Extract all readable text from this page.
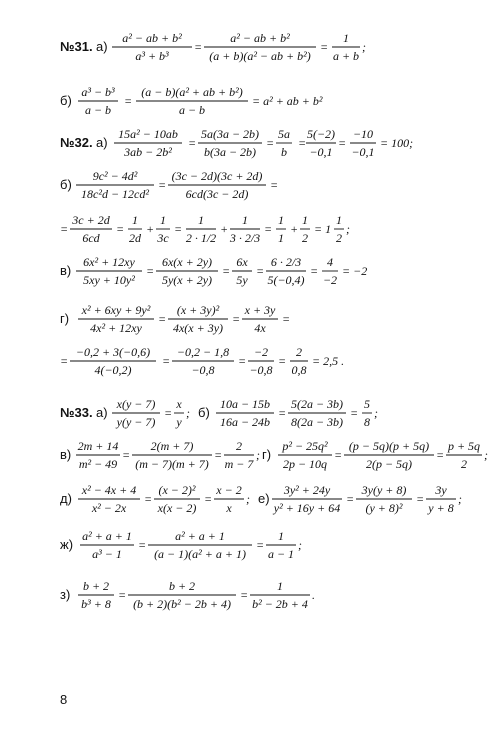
№31. а)
a² − ab + b²
a³ + b³
=
a² − ab + b²
(a + b)(a² − ab + b²)
=
1
a + b
;
б)
a³ − b³
a − b
=
(a − b)(a² + ab + b²)
a − b
= a² + ab + b²
№32. а)
15a² − 10ab
3ab − 2b²
=
5a(3a − 2b)
b(3a − 2b)
=
5a
b
=
5(−2)
−0,1
=
−10
−0,1
= 100;
б)
9c² − 4d²
18c²d − 12cd²
=
(3c − 2d)(3c + 2d)
6cd(3c − 2d)
=
=
3c + 2d
6cd
=
1
2d
+
1
3c
=
1
2 · 1/2
+
1
3 · 2/3
=
1
1
+
1
2
= 1
1
2
;
в)
6x² + 12xy
5xy + 10y²
=
6x(x + 2y)
5y(x + 2y)
=
6x
5y
=
6 · 2/3
5(−0,4)
=
4
−2
= −2
г)
x² + 6xy + 9y²
4x² + 12xy
=
(x + 3y)²
4x(x + 3y)
=
x + 3y
4x
=
=
−0,2 + 3(−0,6)
4(−0,2)
=
−0,2 − 1,8
−0,8
=
−2
−0,8
=
2
0,8
= 2,5 .
№33. а)
x(y − 7)
y(y − 7)
=
x
y
; б)
10a − 15b
16a − 24b
=
5(2a − 3b)
8(2a − 3b)
=
5
8
;
в)
2m + 14
m² − 49
=
2(m + 7)
(m − 7)(m + 7)
=
2
m − 7
; г)
p² − 25q²
2p − 10q
=
(p − 5q)(p + 5q)
2(p − 5q)
=
p + 5q
2
;
д)
x² − 4x + 4
x² − 2x
=
(x − 2)²
x(x − 2)
=
x − 2
x
; е)
3y² + 24y
y² + 16y + 64
=
3y(y + 8)
(y + 8)²
=
3y
y + 8
;
ж)
a² + a + 1
a³ − 1
=
a² + a + 1
(a − 1)(a² + a + 1)
=
1
a − 1
;
з)
b + 2
b³ + 8
=
b + 2
(b + 2)(b² − 2b + 4)
=
1
b² − 2b + 4
.
8
